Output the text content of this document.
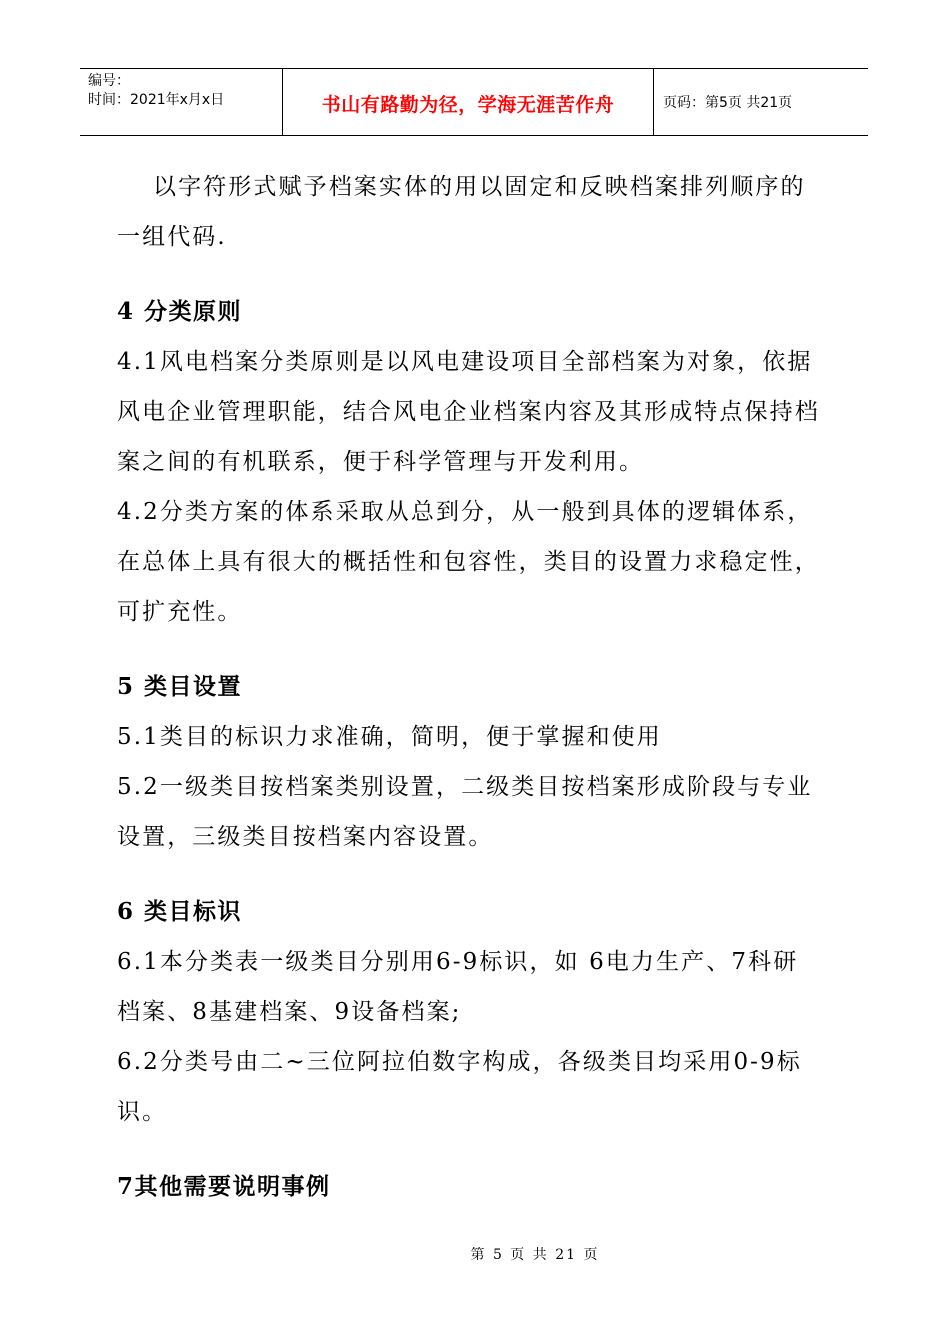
编号：
时间：2021年x月x日	书山有路勤为径，学海无涯苦作舟	页码：第5页 共21页
以字符形式赋予档案实体的用以固定和反映档案排列顺序的
一组代码.
4 分类原则
4.1风电档案分类原则是以风电建设项目全部档案为对象，依据
风电企业管理职能，结合风电企业档案内容及其形成特点保持档
案之间的有机联系，便于科学管理与开发利用。
4.2分类方案的体系采取从总到分，从一般到具体的逻辑体系，
在总体上具有很大的概括性和包容性，类目的设置力求稳定性，
可扩充性。
5 类目设置
5.1类目的标识力求准确，简明，便于掌握和使用
5.2一级类目按档案类别设置，二级类目按档案形成阶段与专业
设置，三级类目按档案内容设置。
6 类目标识
6.1本分类表一级类目分别用6-9标识，如 6电力生产、7科研
档案、8基建档案、9设备档案;
6.2分类号由二~三位阿拉伯数字构成，各级类目均采用0-9标
识。
7其他需要说明事例
第 5 页 共 21 页
